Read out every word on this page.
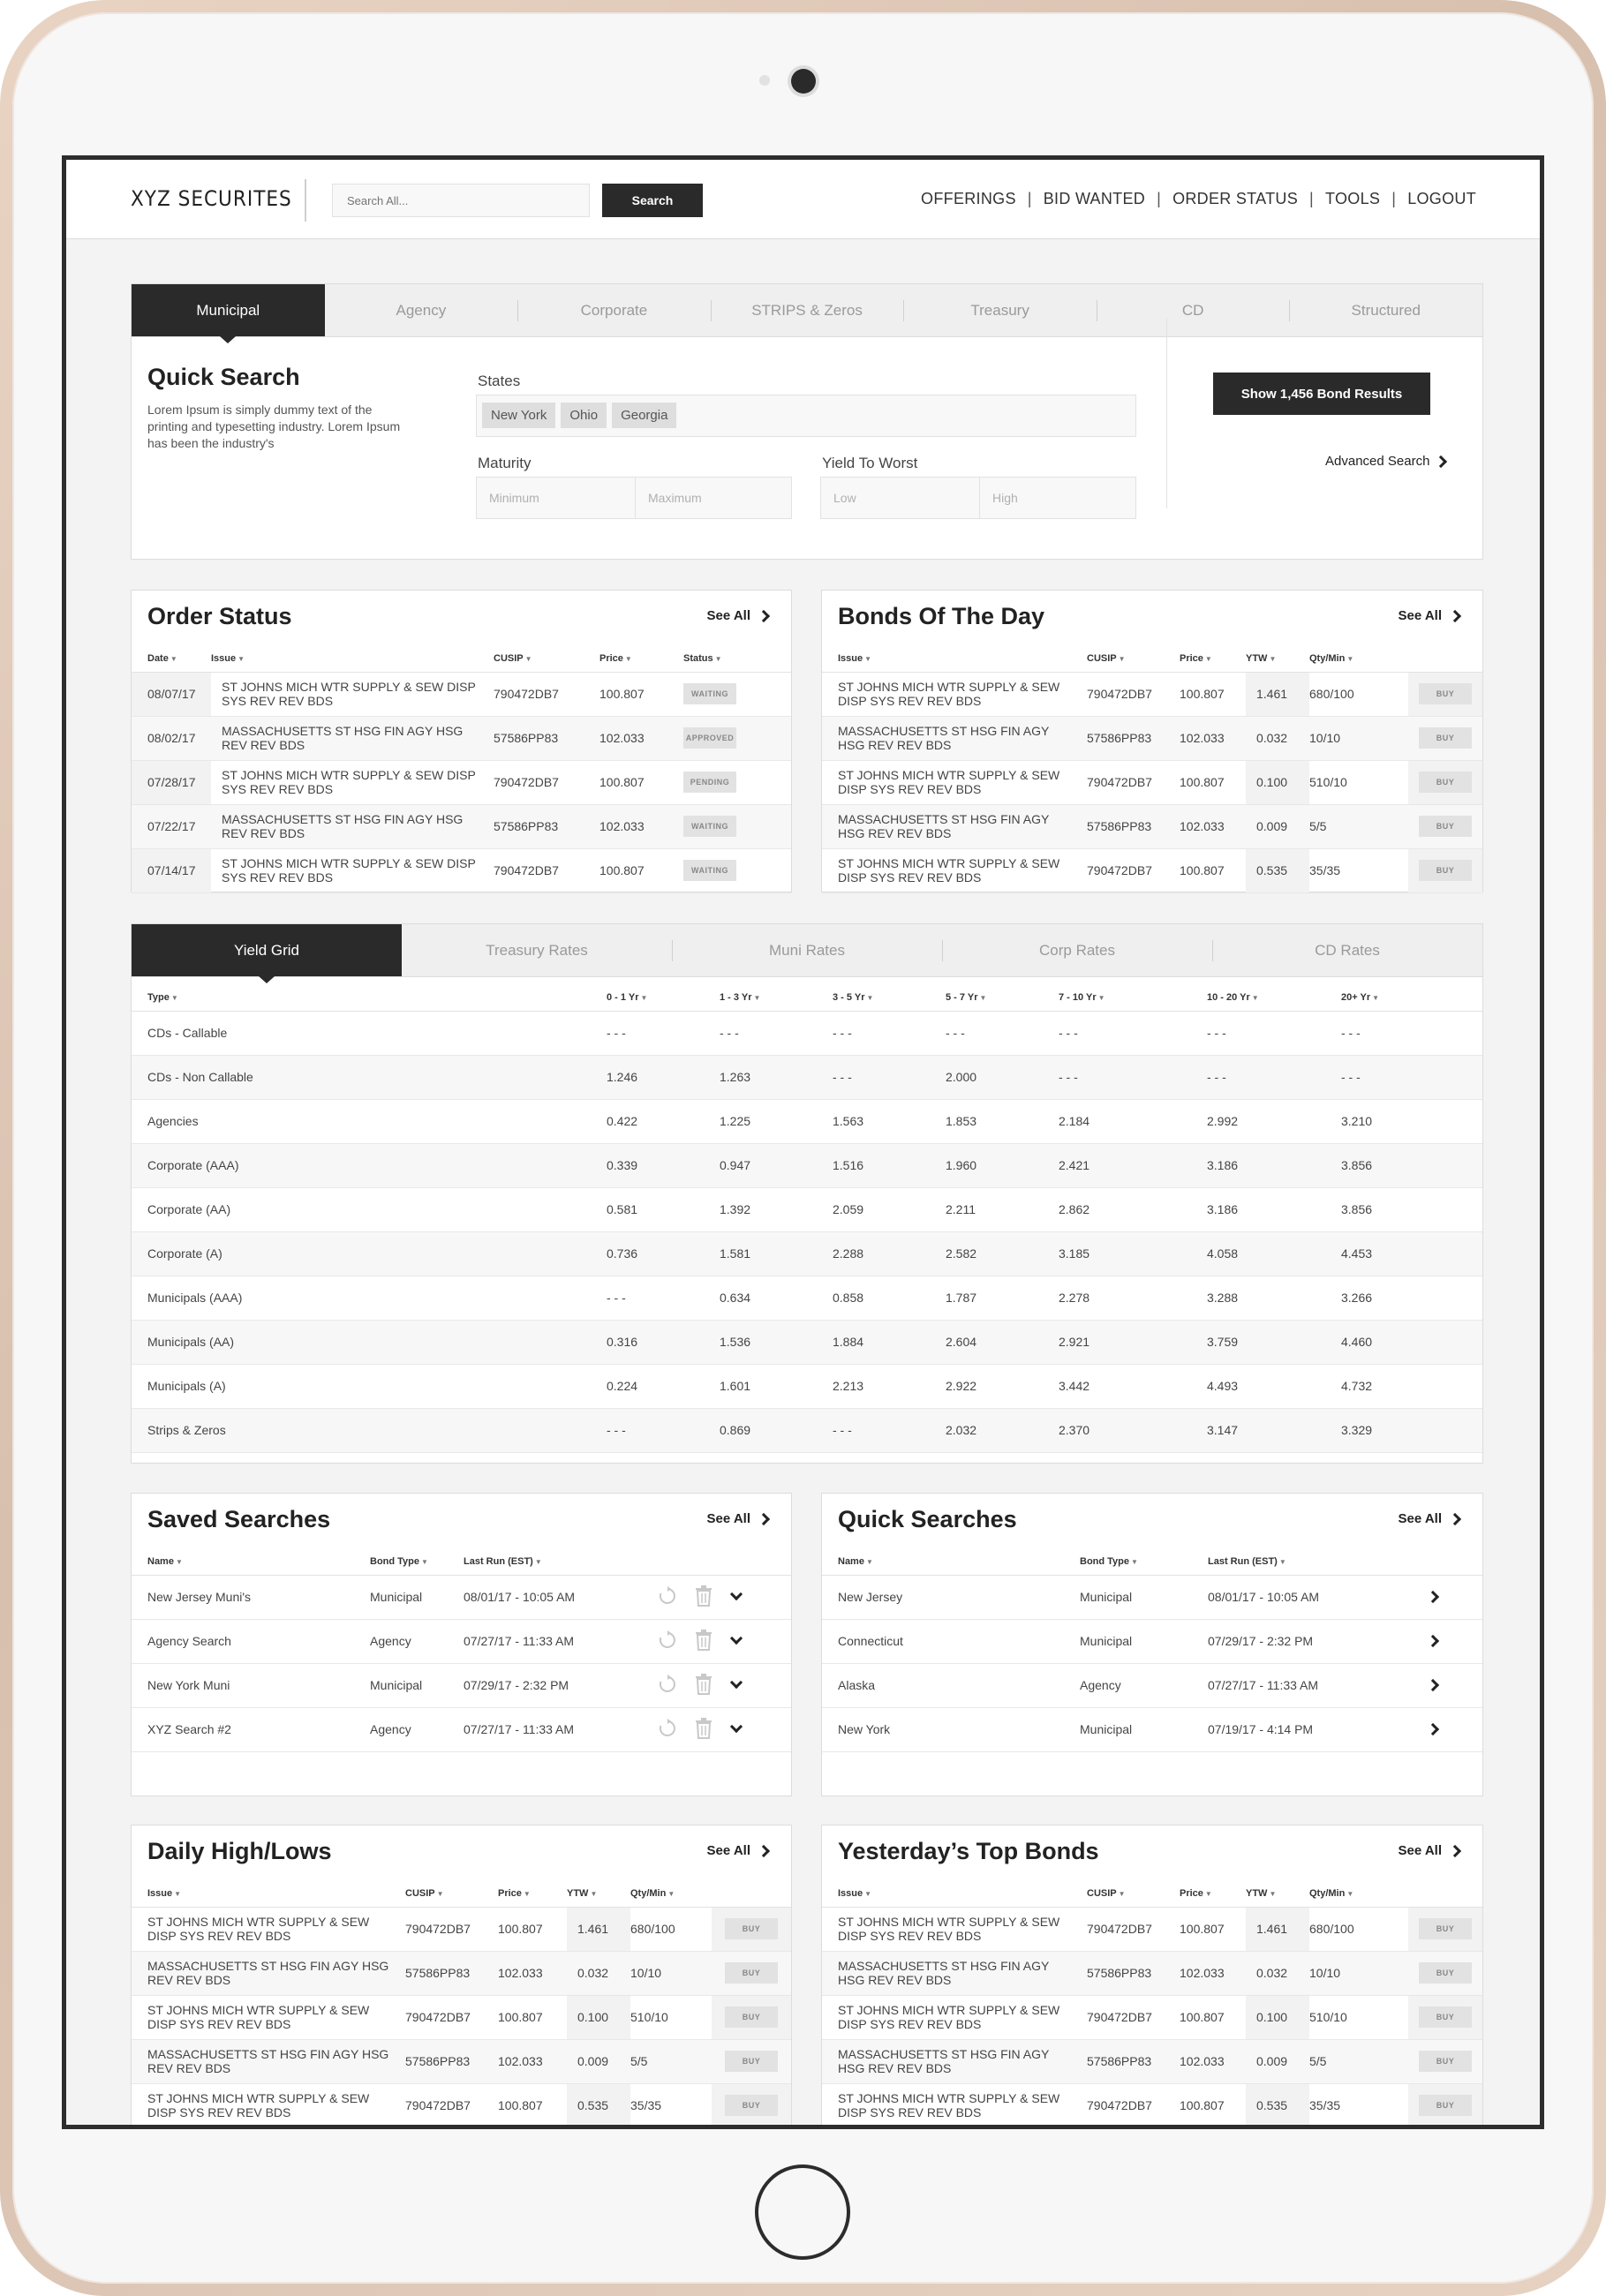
XYZ SECURITES
Search All...	Search	OFFERINGS | BID WANTED | ORDER STATUS | TOOLS | LOGOUT
Municipal	Agency	Corporate	STRIPS & Zeros	Treasury	CD	Structured
Quick Search
Lorem Ipsum is simply dummy text of the printing and typesetting industry. Lorem Ipsum has been the industry's
States
New York Ohio Georgia
Maturity
Minimum	Maximum
Yield To Worst
Low	High
Show 1,456 Bond Results
Advanced Search
Order Status	See All
Date ▼	Issue ▼	CUSIP ▼	Price ▼	Status ▼
08/07/17	ST JOHNS MICH WTR SUPPLY & SEW DISP SYS REV REV BDS	790472DB7	100.807	WAITING
08/02/17	MASSACHUSETTS ST HSG FIN AGY HSG REV REV BDS	57586PP83	102.033	APPROVED
07/28/17	ST JOHNS MICH WTR SUPPLY & SEW DISP SYS REV REV BDS	790472DB7	100.807	PENDING
07/22/17	MASSACHUSETTS ST HSG FIN AGY HSG REV REV BDS	57586PP83	102.033	WAITING
07/14/17	ST JOHNS MICH WTR SUPPLY & SEW DISP SYS REV REV BDS	790472DB7	100.807	WAITING
Bonds Of The Day	See All
Issue ▼	CUSIP ▼	Price ▼	YTW ▼	Qty/Min ▼	
ST JOHNS MICH WTR SUPPLY & SEW DISP SYS REV REV BDS	790472DB7	100.807	1.461	680/100	BUY
MASSACHUSETTS ST HSG FIN AGY HSG REV REV BDS	57586PP83	102.033	0.032	10/10	BUY
ST JOHNS MICH WTR SUPPLY & SEW DISP SYS REV REV BDS	790472DB7	100.807	0.100	510/10	BUY
MASSACHUSETTS ST HSG FIN AGY HSG REV REV BDS	57586PP83	102.033	0.009	5/5	BUY
ST JOHNS MICH WTR SUPPLY & SEW DISP SYS REV REV BDS	790472DB7	100.807	0.535	35/35	BUY
Yield Grid	Treasury Rates	Muni Rates	Corp Rates	CD Rates
Type ▼	0 - 1 Yr ▼	1 - 3 Yr ▼	3 - 5 Yr ▼	5 - 7 Yr ▼	7 - 10 Yr ▼	10 - 20 Yr ▼	20+ Yr ▼
CDs - Callable	- - -	- - -	- - -	- - -	- - -	- - -	- - -
CDs - Non Callable	1.246	1.263	- - -	2.000	- - -	- - -	- - -
Agencies	0.422	1.225	1.563	1.853	2.184	2.992	3.210
Corporate (AAA)	0.339	0.947	1.516	1.960	2.421	3.186	3.856
Corporate (AA)	0.581	1.392	2.059	2.211	2.862	3.186	3.856
Corporate (A)	0.736	1.581	2.288	2.582	3.185	4.058	4.453
Municipals (AAA)	- - -	0.634	0.858	1.787	2.278	3.288	3.266
Municipals (AA)	0.316	1.536	1.884	2.604	2.921	3.759	4.460
Municipals (A)	0.224	1.601	2.213	2.922	3.442	4.493	4.732
Strips & Zeros	- - -	0.869	- - -	2.032	2.370	3.147	3.329
Saved Searches	See All
Name ▼	Bond Type ▼	Last Run (EST) ▼	
New Jersey Muni's	Municipal	08/01/17 - 10:05 AM	
Agency Search	Agency	07/27/17 - 11:33 AM	
New York Muni	Municipal	07/29/17 - 2:32 PM	
XYZ Search #2	Agency	07/27/17 - 11:33 AM	
Quick Searches	See All
Name ▼	Bond Type ▼	Last Run (EST) ▼	
New Jersey	Municipal	08/01/17 - 10:05 AM	
Connecticut	Municipal	07/29/17 - 2:32 PM	
Alaska	Agency	07/27/17 - 11:33 AM	
New York	Municipal	07/19/17 - 4:14 PM	
Daily High/Lows	See All
Issue ▼	CUSIP ▼	Price ▼	YTW ▼	Qty/Min ▼	
ST JOHNS MICH WTR SUPPLY & SEW DISP SYS REV REV BDS	790472DB7	100.807	1.461	680/100	BUY
MASSACHUSETTS ST HSG FIN AGY HSG REV REV BDS	57586PP83	102.033	0.032	10/10	BUY
ST JOHNS MICH WTR SUPPLY & SEW DISP SYS REV REV BDS	790472DB7	100.807	0.100	510/10	BUY
MASSACHUSETTS ST HSG FIN AGY HSG REV REV BDS	57586PP83	102.033	0.009	5/5	BUY
ST JOHNS MICH WTR SUPPLY & SEW DISP SYS REV REV BDS	790472DB7	100.807	0.535	35/35	BUY
Yesterday’s Top Bonds	See All
Issue ▼	CUSIP ▼	Price ▼	YTW ▼	Qty/Min ▼	
ST JOHNS MICH WTR SUPPLY & SEW DISP SYS REV REV BDS	790472DB7	100.807	1.461	680/100	BUY
MASSACHUSETTS ST HSG FIN AGY HSG REV REV BDS	57586PP83	102.033	0.032	10/10	BUY
ST JOHNS MICH WTR SUPPLY & SEW DISP SYS REV REV BDS	790472DB7	100.807	0.100	510/10	BUY
MASSACHUSETTS ST HSG FIN AGY HSG REV REV BDS	57586PP83	102.033	0.009	5/5	BUY
ST JOHNS MICH WTR SUPPLY & SEW DISP SYS REV REV BDS	790472DB7	100.807	0.535	35/35	BUY
